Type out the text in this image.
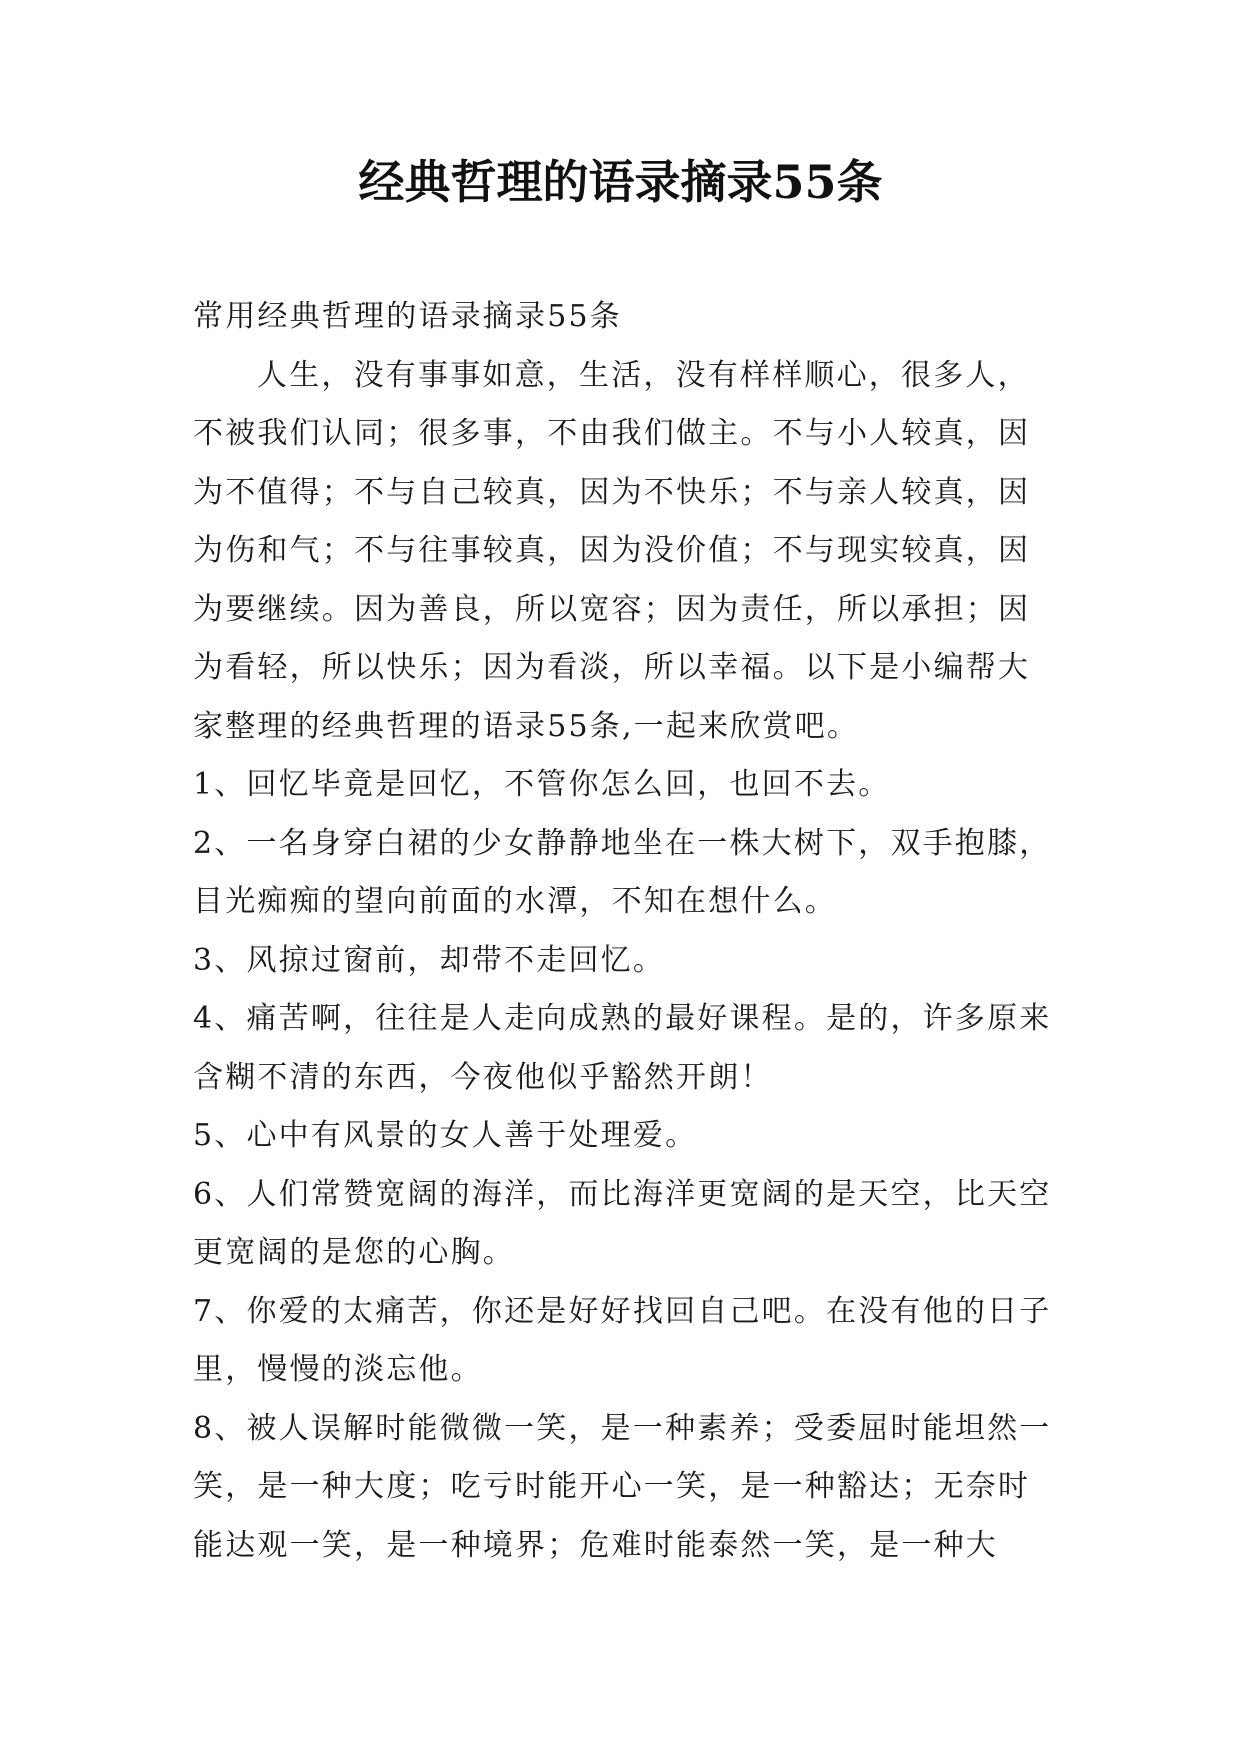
经典哲理的语录摘录55条

常用经典哲理的语录摘录55条

人生，没有事事如意，生活，没有样样顺心，很多人，不被我们认同；很多事，不由我们做主。不与小人较真，因为不值得；不与自己较真，因为不快乐；不与亲人较真，因为伤和气；不与往事较真，因为没价值；不与现实较真，因为要继续。因为善良，所以宽容；因为责任，所以承担；因为看轻，所以快乐；因为看淡，所以幸福。以下是小编帮大家整理的经典哲理的语录55条,一起来欣赏吧。

1、回忆毕竟是回忆，不管你怎么回，也回不去。

2、一名身穿白裙的少女静静地坐在一株大树下，双手抱膝，目光痴痴的望向前面的水潭，不知在想什么。

3、风掠过窗前，却带不走回忆。

4、痛苦啊，往往是人走向成熟的最好课程。是的，许多原来含糊不清的东西，今夜他似乎豁然开朗！

5、心中有风景的女人善于处理爱。

6、人们常赞宽阔的海洋，而比海洋更宽阔的是天空，比天空更宽阔的是您的心胸。

7、你爱的太痛苦，你还是好好找回自己吧。在没有他的日子里，慢慢的淡忘他。

8、被人误解时能微微一笑，是一种素养；受委屈时能坦然一笑，是一种大度；吃亏时能开心一笑，是一种豁达；无奈时能达观一笑，是一种境界；危难时能泰然一笑，是一种大
